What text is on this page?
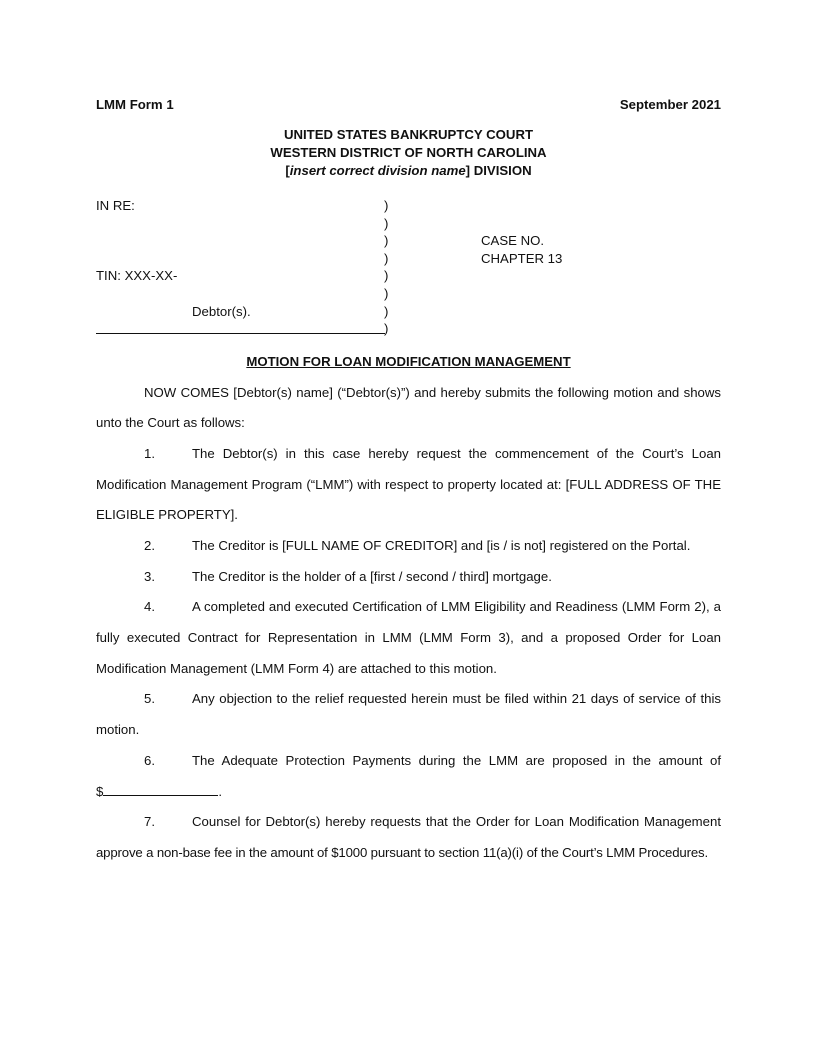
LMM Form 1	September 2021
UNITED STATES BANKRUPTCY COURT
WESTERN DISTRICT OF NORTH CAROLINA
[insert correct division name] DIVISION
IN RE:
TIN: XXX-XX-
Debtor(s).
)
)
)
)
)
)
)
)
CASE NO.
CHAPTER 13
MOTION FOR LOAN MODIFICATION MANAGEMENT
NOW COMES [Debtor(s) name] (“Debtor(s)”) and hereby submits the following motion and shows
unto the Court as follows:
1.	The Debtor(s) in this case hereby request the commencement of the Court’s Loan
Modification Management Program (“LMM”) with respect to property located at: [FULL ADDRESS OF THE
ELIGIBLE PROPERTY].
2.	The Creditor is [FULL NAME OF CREDITOR] and [is / is not] registered on the Portal.
3.	The Creditor is the holder of a [first / second / third] mortgage.
4.	A completed and executed Certification of LMM Eligibility and Readiness (LMM Form 2), a
fully executed Contract for Representation in LMM (LMM Form 3), and a proposed Order for Loan
Modification Management (LMM Form 4) are attached to this motion.
5.	Any objection to the relief requested herein must be filed within 21 days of service of this
motion.
6.	The Adequate Protection Payments during the LMM are proposed in the amount of
$	.
7.	Counsel for Debtor(s) hereby requests that the Order for Loan Modification Management
approve a non-base fee in the amount of $1000 pursuant to section 11(a)(i) of the Court’s LMM Procedures.
